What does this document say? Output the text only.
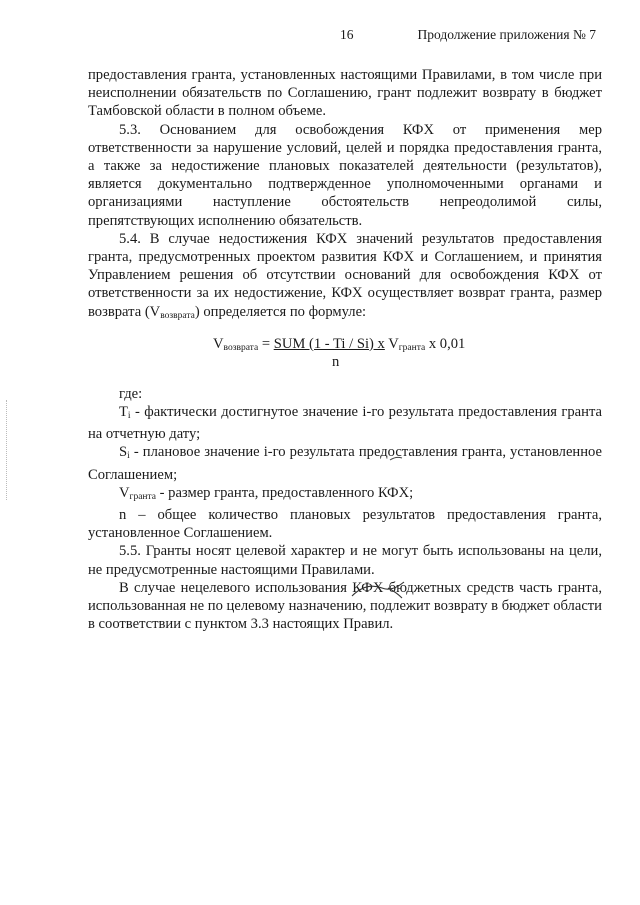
16	Продолжение приложения № 7

предоставления гранта, установленных настоящими Правилами, в том числе при неисполнении обязательств по Соглашению, грант подлежит возврату в бюджет Тамбовской области в полном объеме.

5.3. Основанием для освобождения КФХ от применения мер ответственности за нарушение условий, целей и порядка предоставления гранта, а также за недостижение плановых показателей деятельности (результатов), является документально подтвержденное уполномоченными органами и организациями наступление обстоятельств непреодолимой силы, препятствующих исполнению обязательств.

5.4. В случае недостижения КФХ значений результатов предоставления гранта, предусмотренных проектом развития КФХ и Соглашением, и принятия Управлением решения об отсутствии оснований для освобождения КФХ от ответственности за их недостижение, КФХ осуществляет возврат гранта, размер возврата $(V_{возврата})$ определяется по формуле:

$V_{возврата}$ = SUM (1 - Ti / Si) x $V_{гранта}$ x 0,01
n

где:

$T_i$ - фактически достигнутое значение i-го результата предоставления гранта на отчетную дату;

$S_i$ - плановое значение i-го результата предоставления гранта, установленное Соглашением;

$V_{гранта}$ - размер гранта, предоставленного КФХ;

n – общее количество плановых результатов предоставления гранта, установленное Соглашением.

5.5. Гранты носят целевой характер и не могут быть использованы на цели, не предусмотренные настоящими Правилами.

В случае нецелевого использования КФХ бюджетных средств часть гранта, использованная не по целевому назначению, подлежит возврату в бюджет области в соответствии с пунктом 3.3 настоящих Правил.
